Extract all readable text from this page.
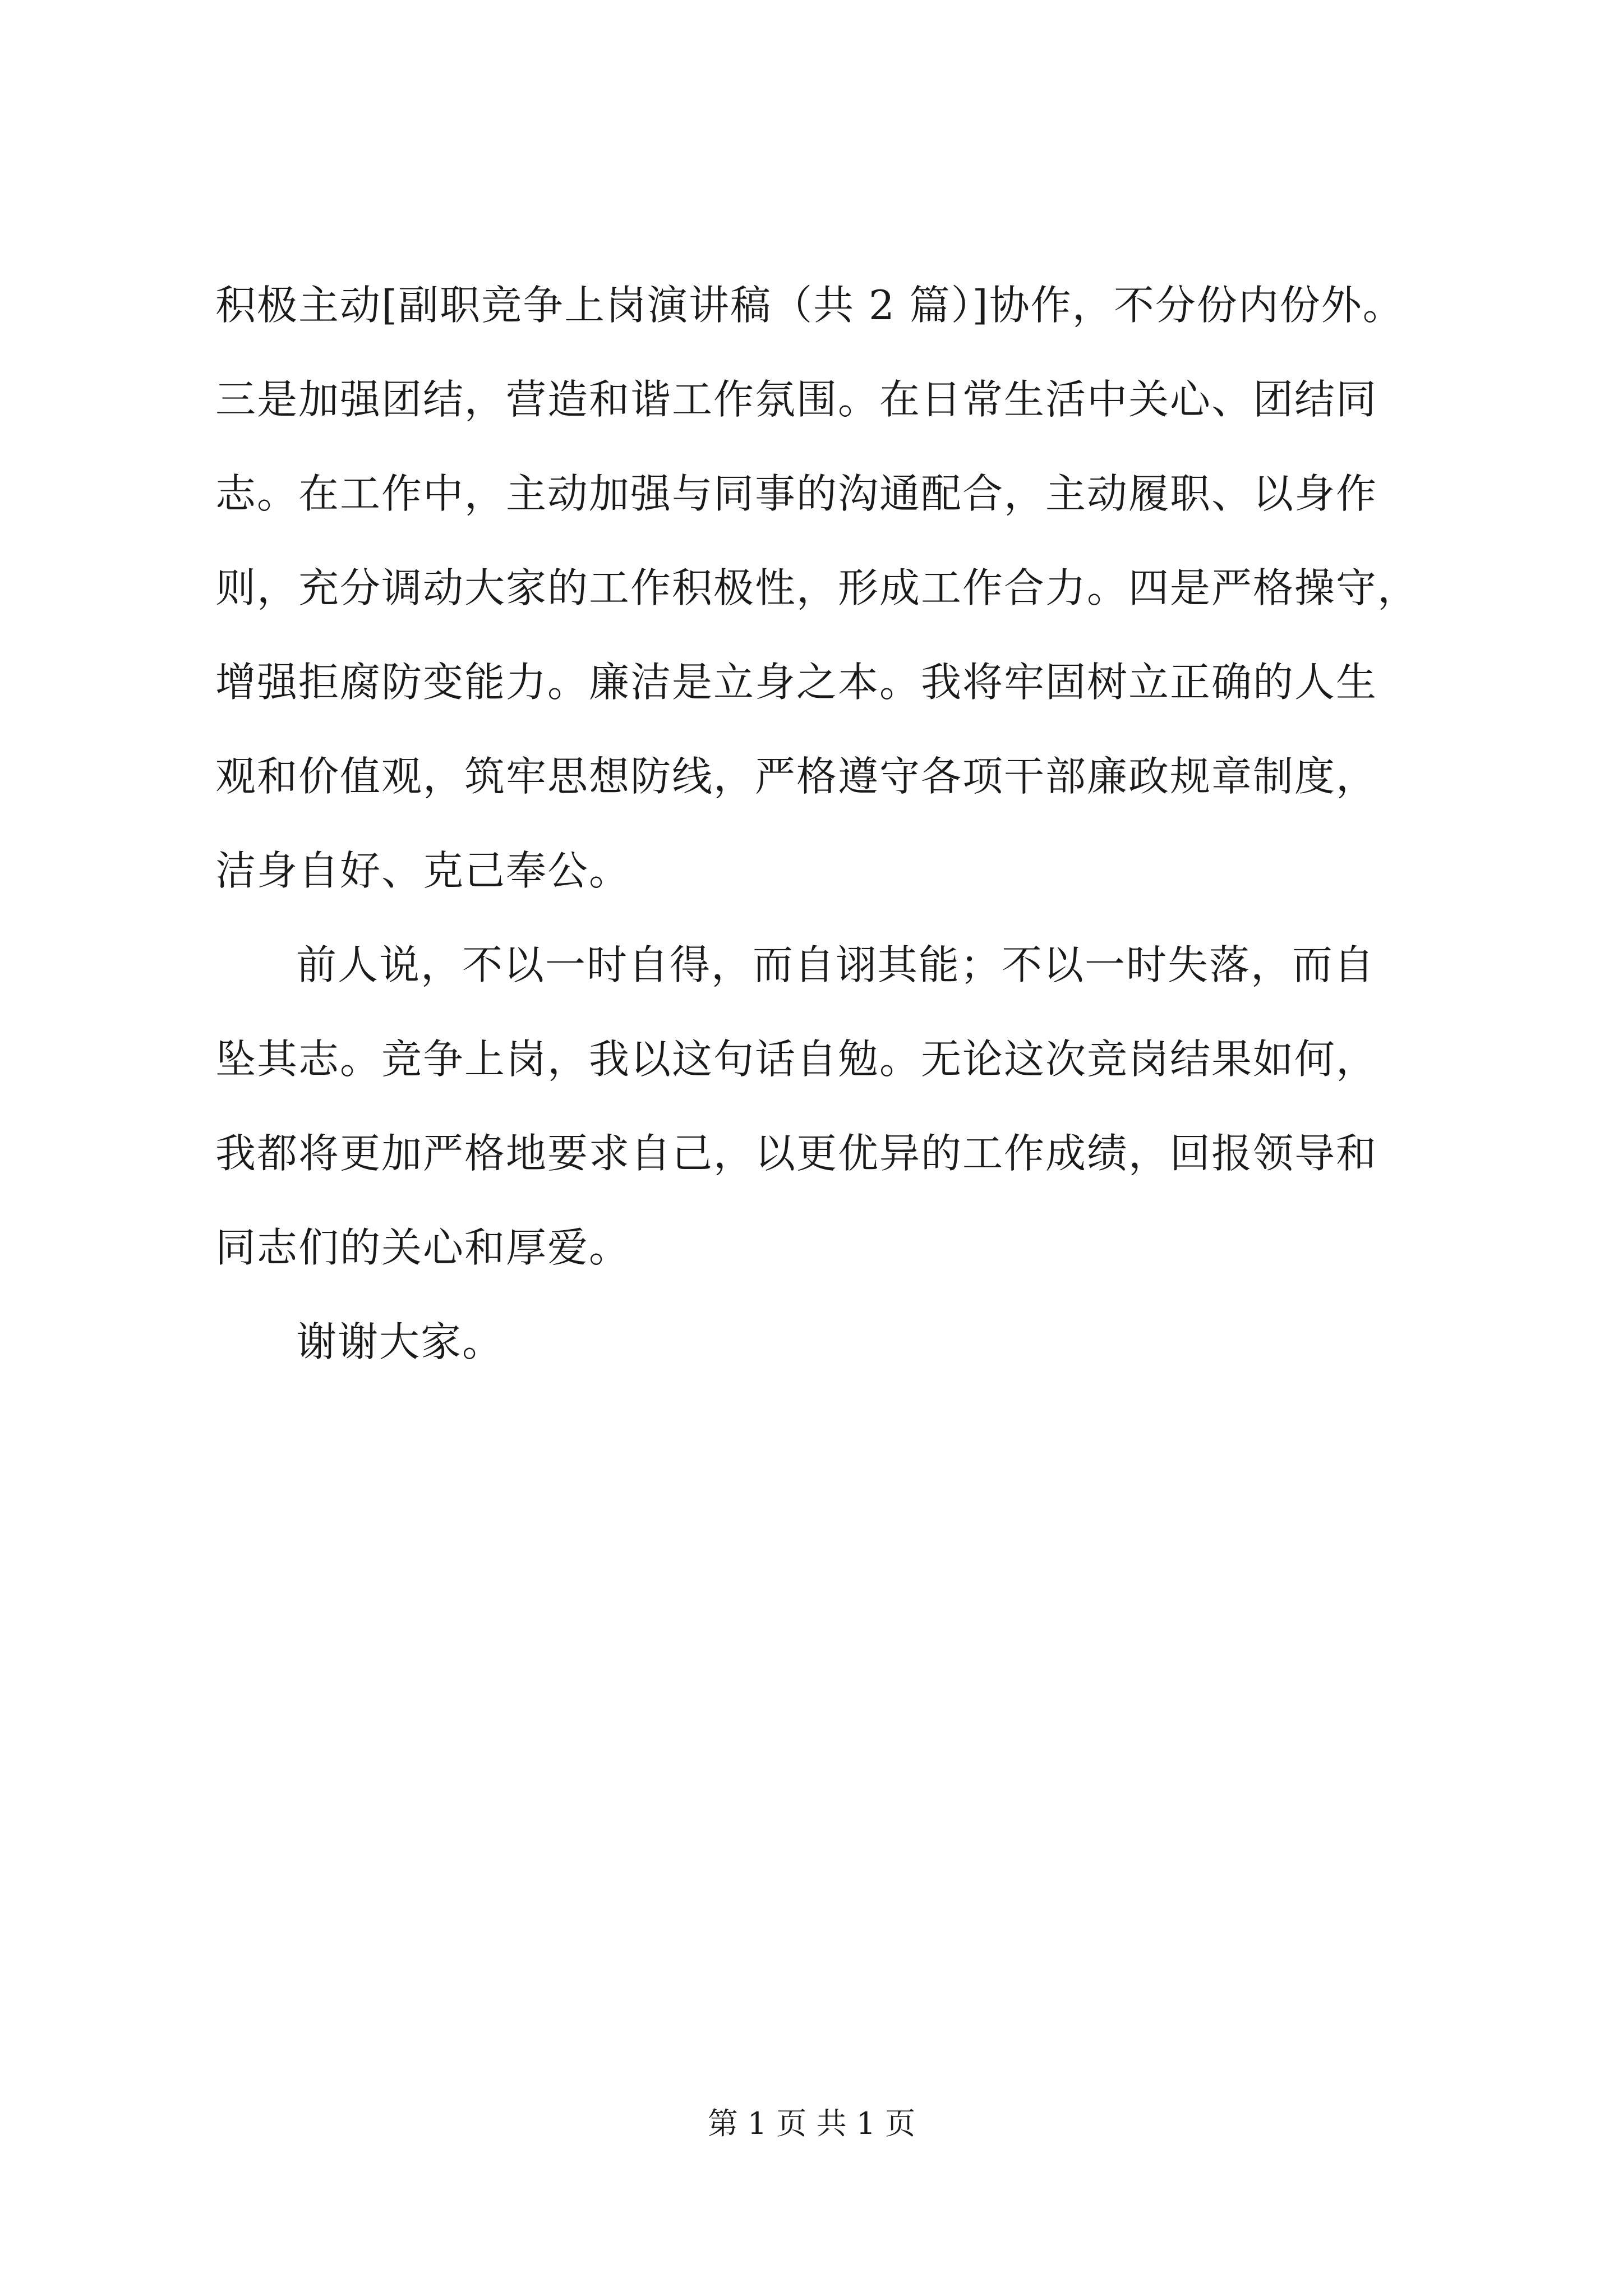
积极主动[副职竞争上岗演讲稿（共 2 篇）]协作，不分份内份外。
三是加强团结，营造和谐工作氛围。在日常生活中关心、团结同
志。在工作中，主动加强与同事的沟通配合，主动履职、以身作
则，充分调动大家的工作积极性，形成工作合力。四是严格操守，
增强拒腐防变能力。廉洁是立身之本。我将牢固树立正确的人生
观和价值观，筑牢思想防线，严格遵守各项干部廉政规章制度，
洁身自好、克己奉公。
前人说，不以一时自得，而自诩其能；不以一时失落，而自
坠其志。竞争上岗，我以这句话自勉。无论这次竞岗结果如何，
我都将更加严格地要求自己，以更优异的工作成绩，回报领导和
同志们的关心和厚爱。
谢谢大家。
第 1 页 共 1 页
